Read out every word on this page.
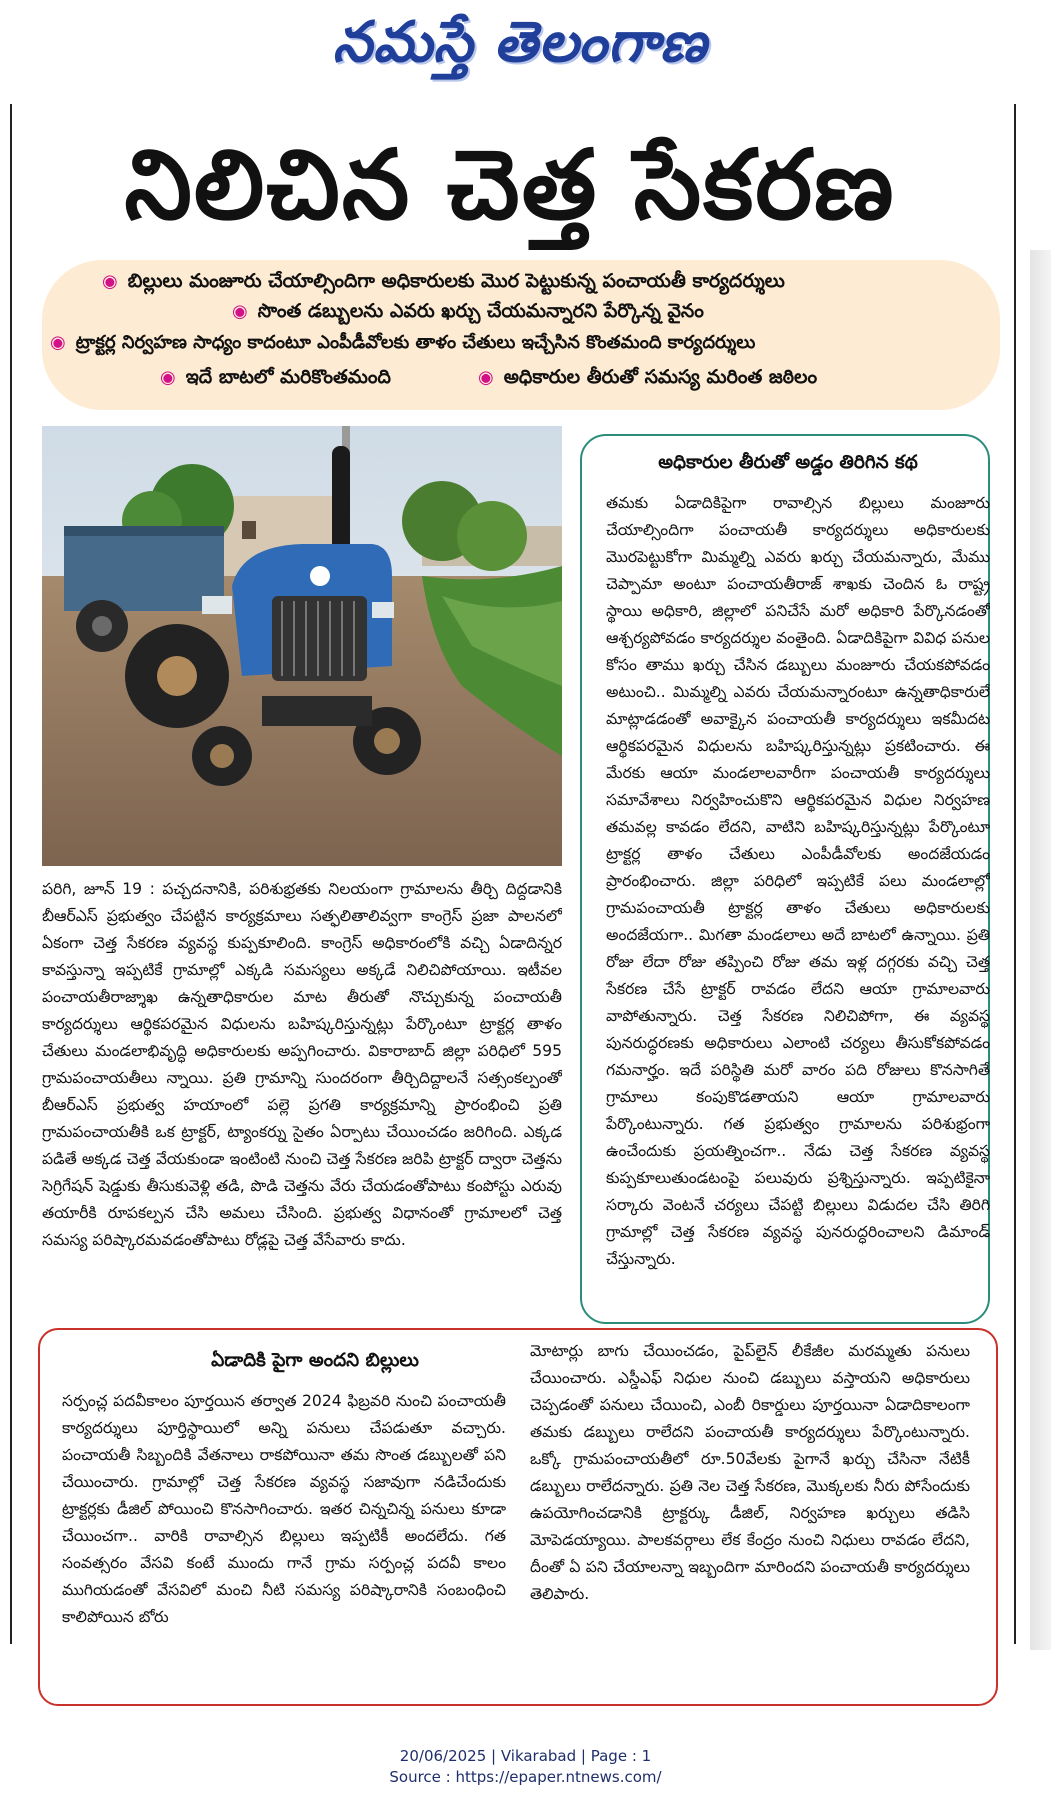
నమస్తే తెలంగాణ
నిలిచిన చెత్త సేకరణ
◉ బిల్లులు మంజూరు చేయాల్సిందిగా అధికారులకు మొర పెట్టుకున్న పంచాయతీ కార్యదర్శులు
◉ సొంత డబ్బులను ఎవరు ఖర్చు చేయమన్నారని పేర్కొన్న వైనం
◉ ట్రాక్టర్ల నిర్వహణ సాధ్యం కాదంటూ ఎంపీడీవోలకు తాళం చేతులు ఇచ్చేసిన కొంతమంది కార్యదర్శులు
◉ ఇదే బాటలో మరికొంతమంది	◉ అధికారుల తీరుతో సమస్య మరింత జఠిలం
పరిగి, జూన్ 19 : పచ్చదనానికి, పరిశుభ్రతకు నిలయంగా గ్రామాలను తీర్చి దిద్దడానికి బీఆర్ఎస్ ప్రభుత్వం చేపట్టిన కార్యక్రమాలు సత్ఫలితాలివ్వగా కాంగ్రెస్ ప్రజా పాలనలో ఏకంగా చెత్త సేకరణ వ్యవస్థ కుప్పకూలింది. కాంగ్రెస్ అధికారంలోకి వచ్చి ఏడాదిన్నర కావస్తున్నా ఇప్పటికే గ్రామాల్లో ఎక్కడి సమస్యలు అక్కడే నిలిచిపోయాయి. ఇటీవల పంచాయతీరాజ్శాఖ ఉన్నతాధికారుల మాట తీరుతో నొచ్చుకున్న పంచాయతీ కార్యదర్శులు ఆర్థికపరమైన విధులను బహిష్కరిస్తున్నట్లు పేర్కొంటూ ట్రాక్టర్ల తాళం చేతులు మండలాభివృద్ధి అధికారులకు అప్పగించారు. వికారాబాద్ జిల్లా పరిధిలో 595 గ్రామపంచాయతీలు న్నాయి. ప్రతి గ్రామాన్ని సుందరంగా తీర్చిదిద్దాలనే సత్సంకల్పంతో బీఆర్ఎస్ ప్రభుత్వ హయాంలో పల్లె ప్రగతి కార్యక్రమాన్ని ప్రారంభించి ప్రతి గ్రామపంచాయతీకి ఒక ట్రాక్టర్, ట్యాంకర్ను సైతం ఏర్పాటు చేయించడం జరిగింది. ఎక్కడ పడితే అక్కడ చెత్త వేయకుండా ఇంటింటి నుంచి చెత్త సేకరణ జరిపి ట్రాక్టర్ ద్వారా చెత్తను సెగ్రిగేషన్ షెడ్డుకు తీసుకువెళ్లి తడి, పొడి చెత్తను వేరు చేయడంతోపాటు కంపోస్టు ఎరువు తయారీకి రూపకల్పన చేసి అమలు చేసింది. ప్రభుత్వ విధానంతో గ్రామాలలో చెత్త సమస్య పరిష్కారమవడంతోపాటు రోడ్లపై చెత్త వేసేవారు కాదు.
అధికారుల తీరుతో అడ్డం తిరిగిన కథ
తమకు ఏడాదికిపైగా రావాల్సిన బిల్లులు మంజూరు చేయాల్సిందిగా పంచాయతీ కార్యదర్శులు అధికారులకు మొరపెట్టుకోగా మిమ్మల్ని ఎవరు ఖర్చు చేయమన్నారు, మేము చెప్పామా అంటూ పంచాయతీరాజ్ శాఖకు చెందిన ఓ రాష్ట్ర స్థాయి అధికారి, జిల్లాలో పనిచేసే మరో అధికారి పేర్కొనడంతో ఆశ్చర్యపోవడం కార్యదర్శుల వంతైంది. ఏడాదికిపైగా వివిధ పనుల కోసం తాము ఖర్చు చేసిన డబ్బులు మంజూరు చేయకపోవడం అటుంచి.. మిమ్మల్ని ఎవరు చేయమన్నారంటూ ఉన్నతాధికారులే మాట్లాడడంతో అవాక్కైన పంచాయతీ కార్యదర్శులు ఇకమీదట ఆర్థికపరమైన విధులను బహిష్కరిస్తున్నట్లు ప్రకటించారు. ఈ మేరకు ఆయా మండలాలవారీగా పంచాయతీ కార్యదర్శులు సమావేశాలు నిర్వహించుకొని ఆర్థికపరమైన విధుల నిర్వహణ తమవల్ల కావడం లేదని, వాటిని బహిష్కరిస్తున్నట్లు పేర్కొంటూ ట్రాక్టర్ల తాళం చేతులు ఎంపీడీవోలకు అందజేయడం ప్రారంభించారు. జిల్లా పరిధిలో ఇప్పటికే పలు మండలాల్లో గ్రామపంచాయతీ ట్రాక్టర్ల తాళం చేతులు అధికారులకు అందజేయగా.. మిగతా మండలాలు అదే బాటలో ఉన్నాయి. ప్రతి రోజు లేదా రోజు తప్పించి రోజు తమ ఇళ్ల దగ్గరకు వచ్చి చెత్త సేకరణ చేసే ట్రాక్టర్ రావడం లేదని ఆయా గ్రామాలవారు వాపోతున్నారు. చెత్త సేకరణ నిలిచిపోగా, ఈ వ్యవస్థ పునరుద్ధరణకు అధికారులు ఎలాంటి చర్యలు తీసుకోకపోవడం గమనార్హం. ఇదే పరిస్థితి మరో వారం పది రోజులు కొనసాగితే గ్రామాలు కంపుకొడతాయని ఆయా గ్రామాలవారు పేర్కొంటున్నారు. గత ప్రభుత్వం గ్రామాలను పరిశుభ్రంగా ఉంచేందుకు ప్రయత్నించగా.. నేడు చెత్త సేకరణ వ్యవస్థ కుప్పకూలుతుండటంపై పలువురు ప్రశ్నిస్తున్నారు. ఇప్పటికైనా సర్కారు వెంటనే చర్యలు చేపట్టి బిల్లులు విడుదల చేసి తిరిగి గ్రామాల్లో చెత్త సేకరణ వ్యవస్థ పునరుద్ధరించాలని డిమాండ్ చేస్తున్నారు.
ఏడాదికి పైగా అందని బిల్లులు
సర్పంచ్ల పదవీకాలం పూర్తయిన తర్వాత 2024 ఫిబ్రవరి నుంచి పంచాయతీ కార్యదర్శులు పూర్తిస్థాయిలో అన్ని పనులు చేపడుతూ వచ్చారు. పంచాయతీ సిబ్బందికి వేతనాలు రాకపోయినా తమ సొంత డబ్బులతో పని చేయించారు. గ్రామాల్లో చెత్త సేకరణ వ్యవస్థ సజావుగా నడిచేందుకు ట్రాక్టర్లకు డీజిల్ పోయించి కొనసాగించారు. ఇతర చిన్నచిన్న పనులు కూడా చేయించగా.. వారికి రావాల్సిన బిల్లులు ఇప్పటికీ అందలేదు. గత సంవత్సరం వేసవి కంటే ముందు గానే గ్రామ సర్పంచ్ల పదవీ కాలం ముగియడంతో వేసవిలో మంచి నీటి సమస్య పరిష్కారానికి సంబంధించి కాలిపోయిన బోరు
మోటార్లు బాగు చేయించడం, పైప్‌లైన్ లీకేజీల మరమ్మతు పనులు చేయించారు. ఎస్డీఎఫ్ నిధుల నుంచి డబ్బులు వస్తాయని అధికారులు చెప్పడంతో పనులు చేయించి, ఎంబీ రికార్డులు పూర్తయినా ఏడాదికాలంగా తమకు డబ్బులు రాలేదని పంచాయతీ కార్యదర్శులు పేర్కొంటున్నారు. ఒక్కో గ్రామపంచాయతీలో రూ.50వేలకు పైగానే ఖర్చు చేసినా నేటికీ డబ్బులు రాలేదన్నారు. ప్రతి నెల చెత్త సేకరణ, మొక్కలకు నీరు పోసేందుకు ఉపయోగించడానికి ట్రాక్టర్కు డీజిల్, నిర్వహణ ఖర్చులు తడిసి మోపెడయ్యాయి. పాలకవర్గాలు లేక కేంద్రం నుంచి నిధులు రావడం లేదని, దీంతో ఏ పని చేయాలన్నా ఇబ్బందిగా మారిందని పంచాయతీ కార్యదర్శులు తెలిపారు.
20/06/2025 | Vikarabad | Page : 1
Source : https://epaper.ntnews.com/
